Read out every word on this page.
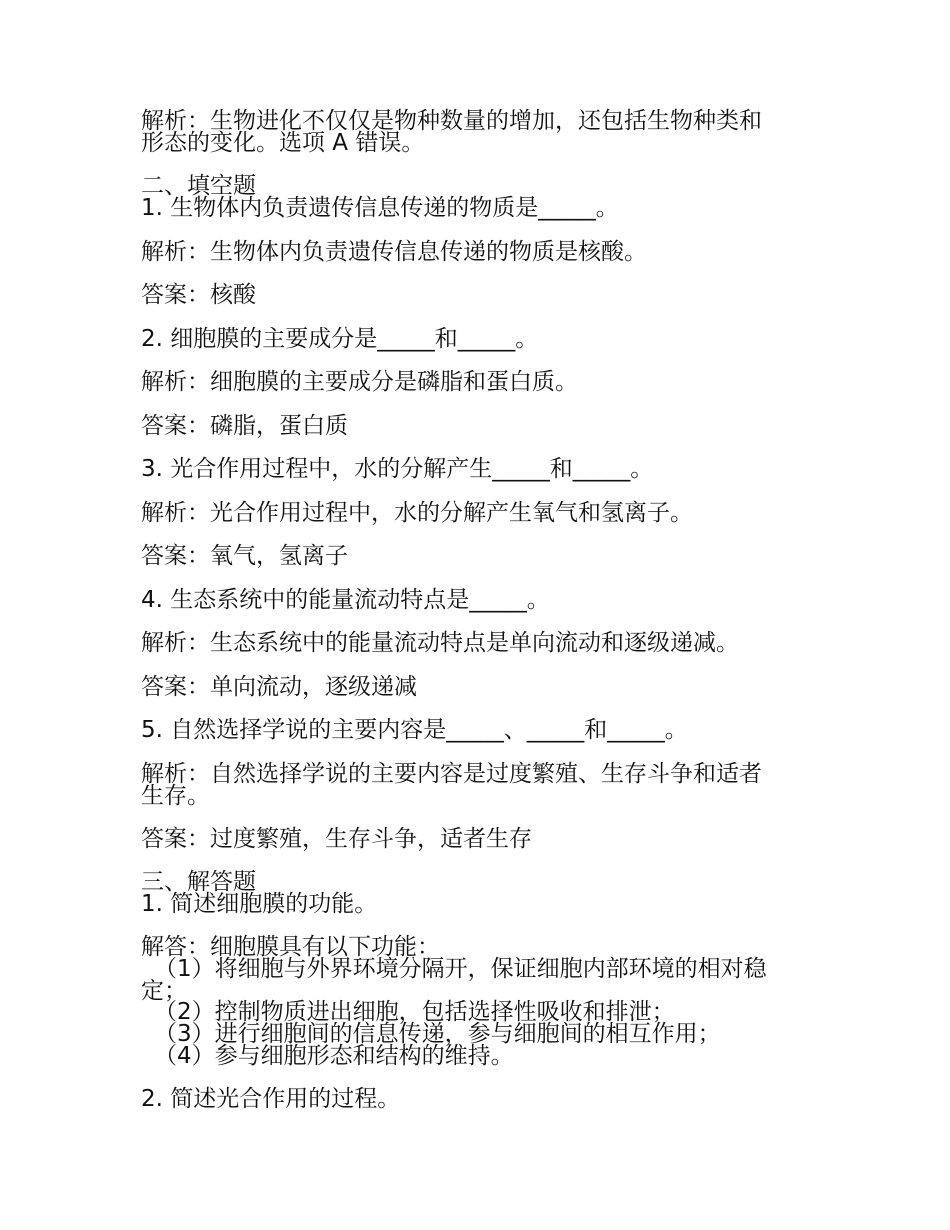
解析：生物进化不仅仅是物种数量的增加，还包括生物种类和
形态的变化。选项 A 错误。
二、填空题
1. 生物体内负责遗传信息传递的物质是_____。
解析：生物体内负责遗传信息传递的物质是核酸。
答案：核酸
2. 细胞膜的主要成分是_____和_____。
解析：细胞膜的主要成分是磷脂和蛋白质。
答案：磷脂，蛋白质
3. 光合作用过程中，水的分解产生_____和_____。
解析：光合作用过程中，水的分解产生氧气和氢离子。
答案：氧气，氢离子
4. 生态系统中的能量流动特点是_____。
解析：生态系统中的能量流动特点是单向流动和逐级递减。
答案：单向流动，逐级递减
5. 自然选择学说的主要内容是_____、_____和_____。
解析：自然选择学说的主要内容是过度繁殖、生存斗争和适者
生存。
答案：过度繁殖，生存斗争，适者生存
三、解答题
1. 简述细胞膜的功能。
解答：细胞膜具有以下功能：
（1）将细胞与外界环境分隔开，保证细胞内部环境的相对稳
定；
（2）控制物质进出细胞，包括选择性吸收和排泄；
（3）进行细胞间的信息传递，参与细胞间的相互作用；
（4）参与细胞形态和结构的维持。
2. 简述光合作用的过程。
